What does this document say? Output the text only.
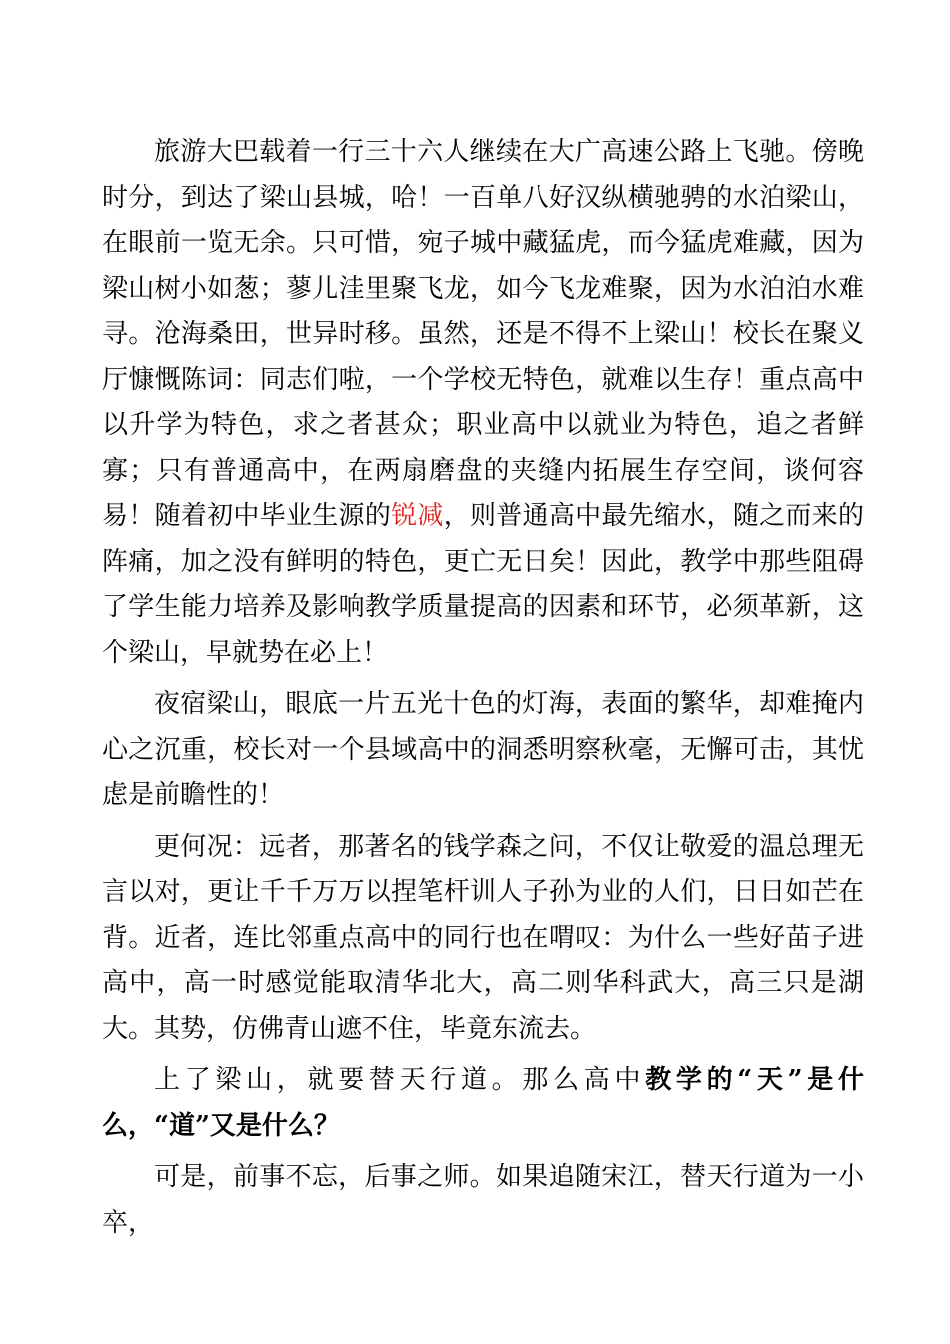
旅游大巴载着一行三十六人继续在大广高速公路上飞驰。傍晚时分，到达了梁山县城，哈！一百单八好汉纵横驰骋的水泊梁山，在眼前一览无余。只可惜，宛子城中藏猛虎，而今猛虎难藏，因为梁山树小如葱；蓼儿洼里聚飞龙，如今飞龙难聚，因为水泊泊水难寻。沧海桑田，世异时移。虽然，还是不得不上梁山！校长在聚义厅慷慨陈词：同志们啦，一个学校无特色，就难以生存！重点高中以升学为特色，求之者甚众；职业高中以就业为特色，追之者鲜寡；只有普通高中，在两扇磨盘的夹缝内拓展生存空间，谈何容易！随着初中毕业生源的锐减，则普通高中最先缩水，随之而来的阵痛，加之没有鲜明的特色，更亡无日矣！因此，教学中那些阻碍了学生能力培养及影响教学质量提高的因素和环节，必须革新，这个梁山，早就势在必上！

夜宿梁山，眼底一片五光十色的灯海，表面的繁华，却难掩内心之沉重，校长对一个县域高中的洞悉明察秋毫，无懈可击，其忧虑是前瞻性的！

更何况：远者，那著名的钱学森之问，不仅让敬爱的温总理无言以对，更让千千万万以捏笔杆训人子孙为业的人们，日日如芒在背。近者，连比邻重点高中的同行也在喟叹：为什么一些好苗子进高中，高一时感觉能取清华北大，高二则华科武大，高三只是湖大。其势，仿佛青山遮不住，毕竟东流去。

上了梁山，就要替天行道。那么高中教学的“天”是什么，“道”又是什么？

可是，前事不忘，后事之师。如果追随宋江，替天行道为一小卒，
